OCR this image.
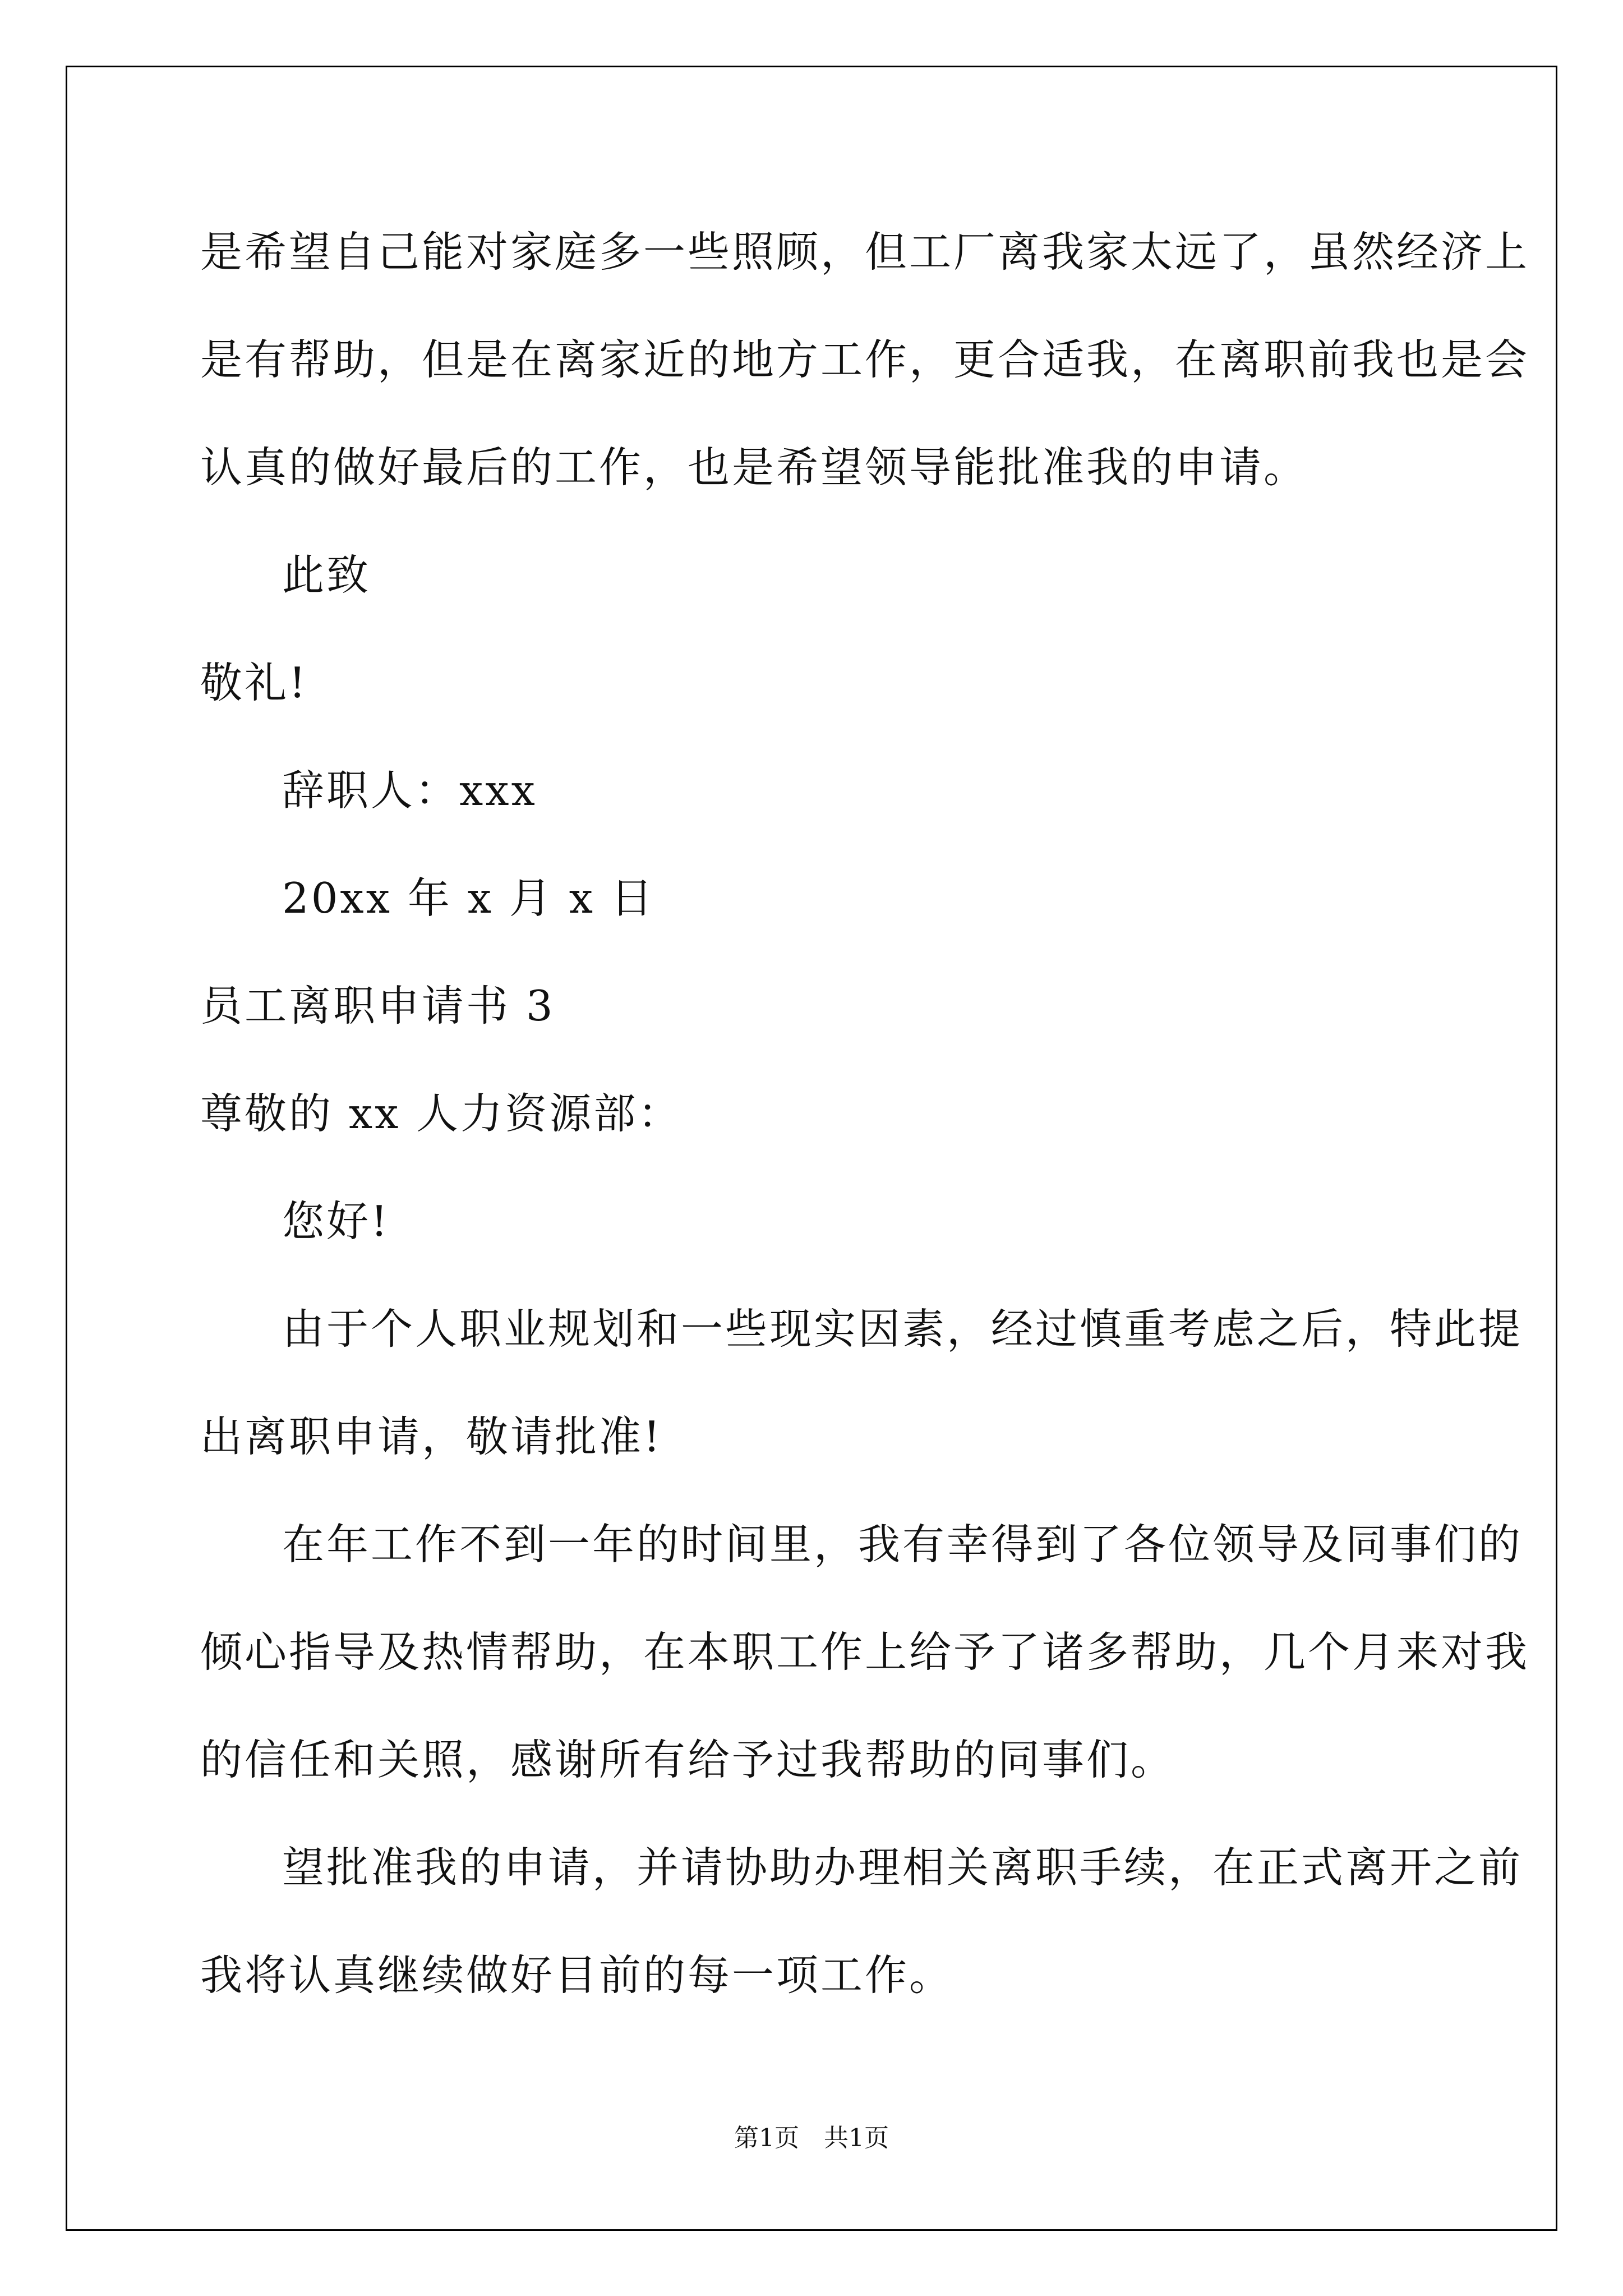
是希望自己能对家庭多一些照顾，但工厂离我家太远了，虽然经济上
是有帮助，但是在离家近的地方工作，更合适我，在离职前我也是会
认真的做好最后的工作，也是希望领导能批准我的申请。
此致
敬礼!
辞职人：xxx
20xx 年 x 月 x 日
员工离职申请书 3
尊敬的 xx 人力资源部：
您好!
由于个人职业规划和一些现实因素，经过慎重考虑之后，特此提
出离职申请，敬请批准!
在年工作不到一年的时间里，我有幸得到了各位领导及同事们的
倾心指导及热情帮助，在本职工作上给予了诸多帮助，几个月来对我
的信任和关照，感谢所有给予过我帮助的同事们。
望批准我的申请，并请协助办理相关离职手续，在正式离开之前
我将认真继续做好目前的每一项工作。
第1页　共1页
